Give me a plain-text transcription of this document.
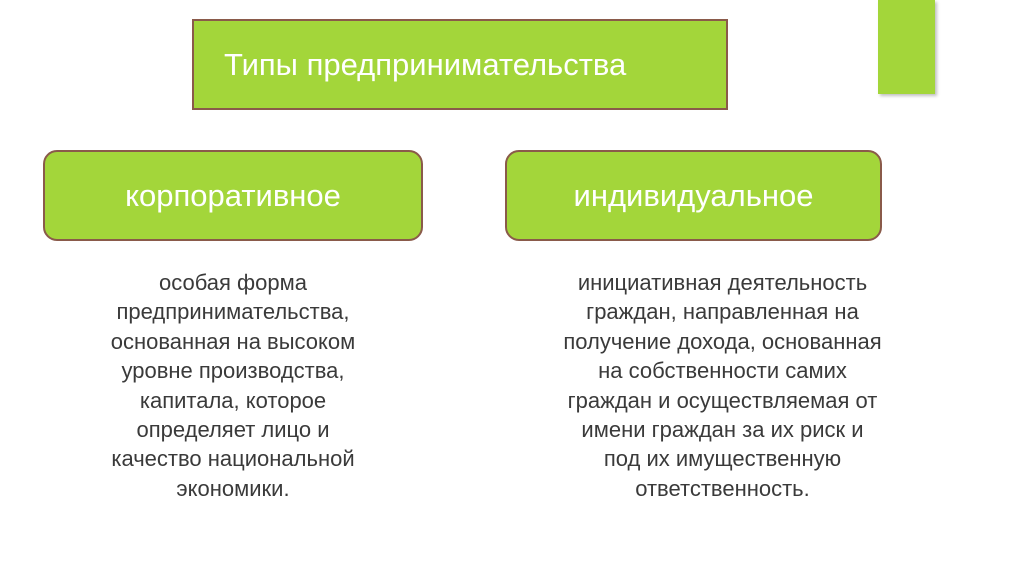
Типы предпринимательства
корпоративное	индивидуальное
особая форма
предпринимательства,
основанная на высоком
уровне производства,
капитала, которое
определяет лицо и
качество национальной
экономики.
инициативная деятельность
граждан, направленная на
получение дохода, основанная
на собственности самих
граждан и осуществляемая от
имени граждан за их риск и
под их имущественную
ответственность.
